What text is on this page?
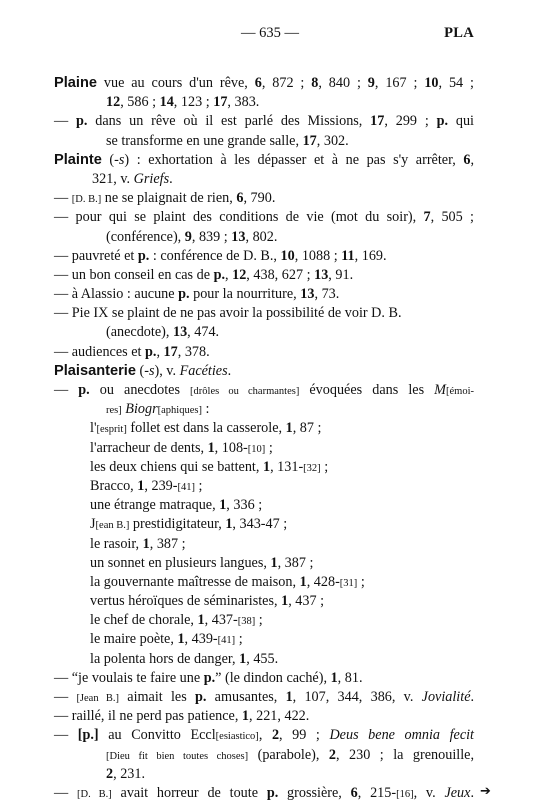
— 635 —	PLA
Plaine vue au cours d'un rêve, 6, 872 ; 8, 840 ; 9, 167 ; 10, 54 ;
12, 586 ; 14, 123 ; 17, 383.
— p. dans un rêve où il est parlé des Missions, 17, 299 ; p. qui
se transforme en une grande salle, 17, 302.
Plainte (-s) : exhortation à les dépasser et à ne pas s'y arrêter, 6,
321, v. Griefs.
— [D. B.] ne se plaignait de rien, 6, 790.
— pour qui se plaint des conditions de vie (mot du soir), 7, 505 ;
(conférence), 9, 839 ; 13, 802.
— pauvreté et p. : conférence de D. B., 10, 1088 ; 11, 169.
— un bon conseil en cas de p., 12, 438, 627 ; 13, 91.
— à Alassio : aucune p. pour la nourriture, 13, 73.
— Pie IX se plaint de ne pas avoir la possibilité de voir D. B.
(anecdote), 13, 474.
— audiences et p., 17, 378.
Plaisanterie (-s), v. Facéties.
— p. ou anecdotes [drôles ou charmantes] évoquées dans les M[émoi-
res] Biogr[aphiques] :
l'[esprit] follet est dans la casserole, 1, 87 ;
l'arracheur de dents, 1, 108-[10] ;
les deux chiens qui se battent, 1, 131-[32] ;
Bracco, 1, 239-[41] ;
une étrange matraque, 1, 336 ;
J[ean B.] prestidigitateur, 1, 343-47 ;
le rasoir, 1, 387 ;
un sonnet en plusieurs langues, 1, 387 ;
la gouvernante maîtresse de maison, 1, 428-[31] ;
vertus héroïques de séminaristes, 1, 437 ;
le chef de chorale, 1, 437-[38] ;
le maire poète, 1, 439-[41] ;
la polenta hors de danger, 1, 455.
— “je voulais te faire une p.” (le dindon caché), 1, 81.
— [Jean B.] aimait les p. amusantes, 1, 107, 344, 386, v. Jovialité.
— raillé, il ne perd pas patience, 1, 221, 422.
— [p.] au Convitto Eccl[esiastico], 2, 99 ; Deus bene omnia fecit
[Dieu fit bien toutes choses] (parabole), 2, 230 ; la grenouille,
2, 231.
— [D. B.] avait horreur de toute p. grossière, 6, 215-[16], v. Jeux. ➔
